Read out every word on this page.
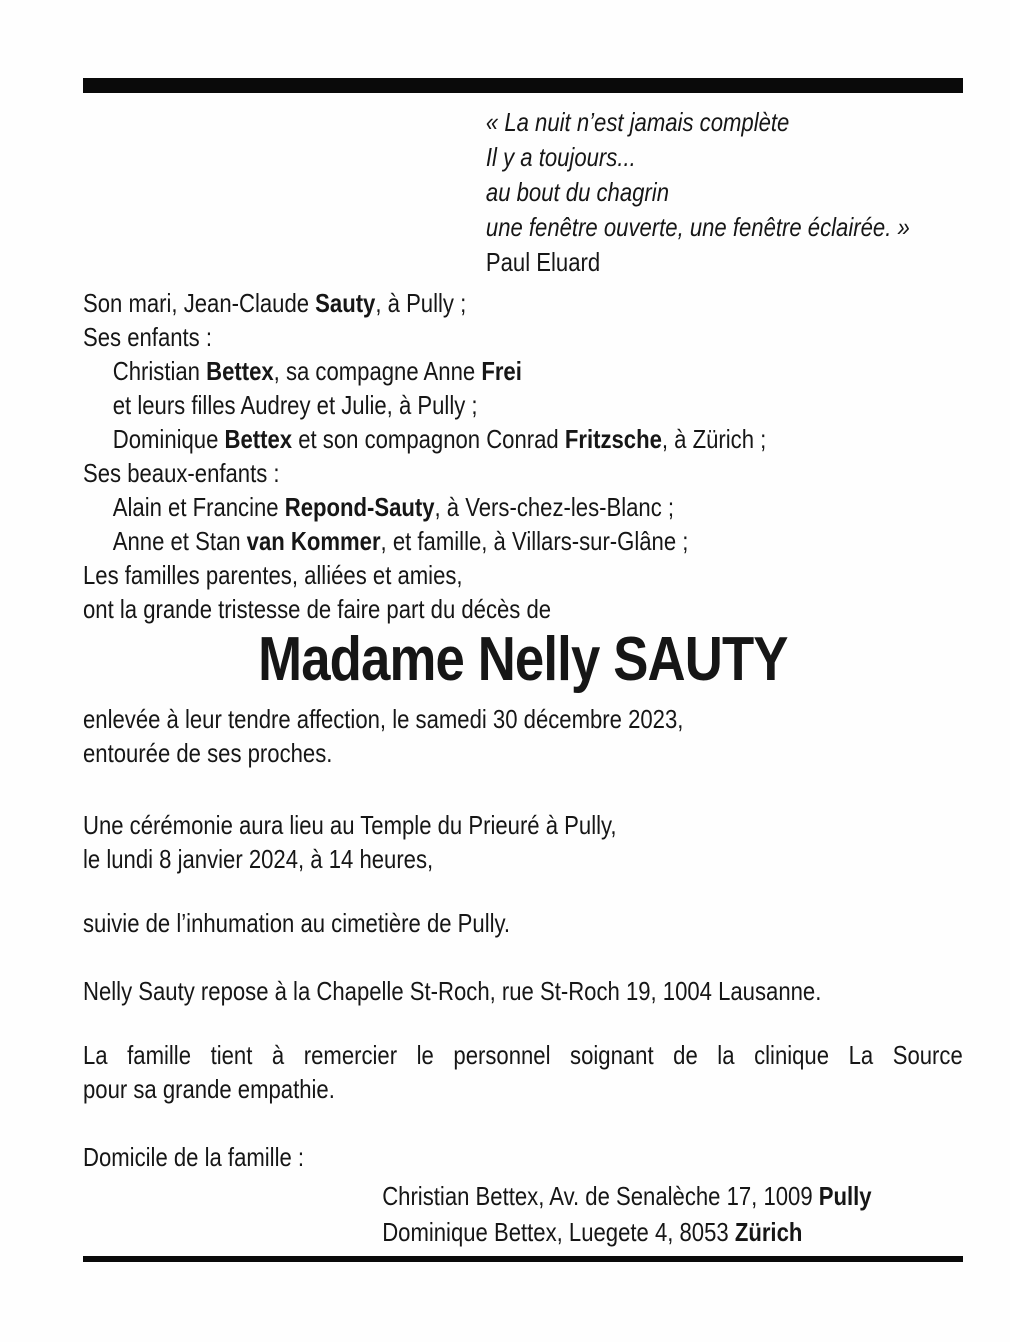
« La nuit n’est jamais complète
Il y a toujours...
au bout du chagrin
une fenêtre ouverte, une fenêtre éclairée. »
Paul Eluard
Son mari, Jean-Claude Sauty, à Pully ;
Ses enfants :
Christian Bettex, sa compagne Anne Frei
et leurs filles Audrey et Julie, à Pully ;
Dominique Bettex et son compagnon Conrad Fritzsche, à Zürich ;
Ses beaux-enfants :
Alain et Francine Repond-Sauty, à Vers-chez-les-Blanc ;
Anne et Stan van Kommer, et famille, à Villars-sur-Glâne ;
Les familles parentes, alliées et amies,
ont la grande tristesse de faire part du décès de
Madame Nelly SAUTY
enlevée à leur tendre affection, le samedi 30 décembre 2023,
entourée de ses proches.
Une cérémonie aura lieu au Temple du Prieuré à Pully,
le lundi 8 janvier 2024, à 14 heures,
suivie de l’inhumation au cimetière de Pully.
Nelly Sauty repose à la Chapelle St-Roch, rue St-Roch 19, 1004 Lausanne.
La famille tient à remercier le personnel soignant de la clinique La Source
pour sa grande empathie.
Domicile de la famille :
Christian Bettex, Av. de Senalèche 17, 1009 Pully
Dominique Bettex, Luegete 4, 8053 Zürich
